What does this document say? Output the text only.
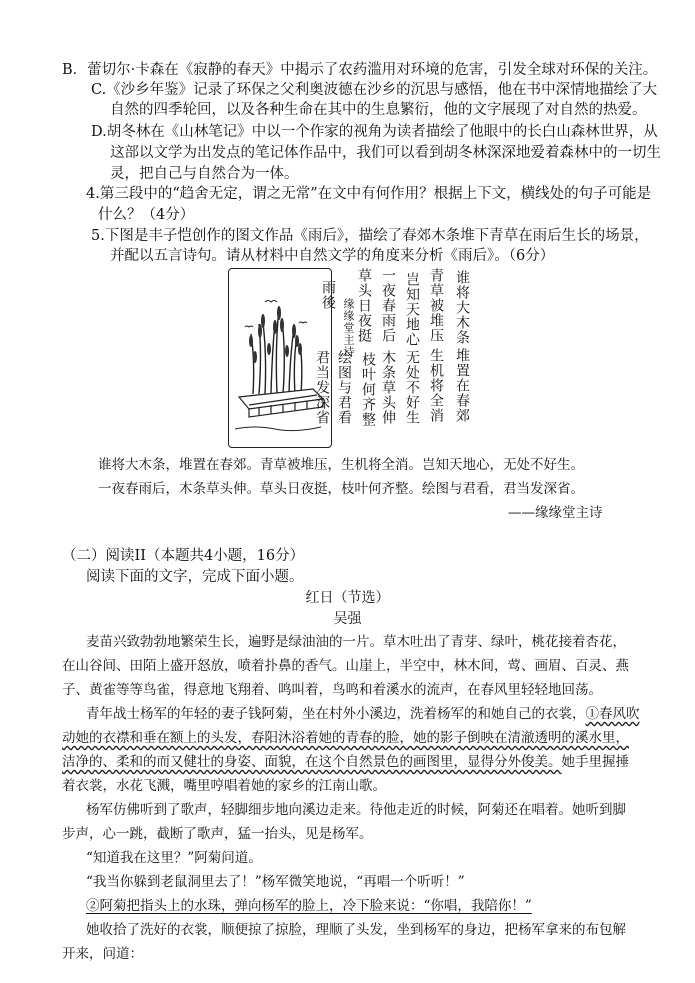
B．蕾切尔·卡森在《寂静的春天》中揭示了农药滥用对环境的危害，引发全球对环保的关注。
C.《沙乡年鉴》记录了环保之父利奥波德在沙乡的沉思与感悟，他在书中深情地描绘了大
自然的四季轮回，以及各种生命在其中的生息繁衍，他的文字展现了对自然的热爱。
D.胡冬林在《山林笔记》中以一个作家的视角为读者描绘了他眼中的长白山森林世界，从
这部以文学为出发点的笔记体作品中，我们可以看到胡冬林深深地爱着森林中的一切生
灵，把自己与自然合为一体。
4.第三段中的“趋舍无定，谓之无常”在文中有何作用？根据上下文，横线处的句子可能是
什么？（4分）
5.下图是丰子恺创作的图文作品《雨后》，描绘了春郊木条堆下青草在雨后生长的场景，
并配以五言诗句。请从材料中自然文学的角度来分析《雨后》。（6分）
雨後
缘缘堂主诗	谁将大木条
堆置在春郊
青草被堆压
生机将全消
岂知天地心
无处不好生
一夜春雨后
木条草头伸
草头日夜挺
枝叶何齐整
绘图与君看
君当发深省
谁将大木条，堆置在春郊。青草被堆压，生机将全消。岂知天地心，无处不好生。
一夜春雨后，木条草头伸。草头日夜挺，枝叶何齐整。绘图与君看，君当发深省。
——缘缘堂主诗
（二）阅读II（本题共4小题，16分）
阅读下面的文字，完成下面小题。
红日（节选）
吴强
麦苗兴致勃勃地繁荣生长，遍野是绿油油的一片。草木吐出了青芽、绿叶，桃花接着杏花，
在山谷间、田陌上盛开怒放，喷着扑鼻的香气。山崖上，半空中，林木间，莺、画眉、百灵、燕
子、黄雀等等鸟雀，得意地飞翔着、鸣叫着，鸟鸣和着溪水的流声，在春风里轻轻地回荡。
青年战士杨军的年轻的妻子钱阿菊，坐在村外小溪边，洗着杨军的和她自己的衣裳，①春风吹
动她的衣襟和垂在额上的头发，春阳沐浴着她的青春的脸，她的影子倒映在清澈透明的溪水里，
洁净的、柔和的而又健壮的身姿、面貌，在这个自然景色的画图里，显得分外俊美。她手里握捶
着衣裳，水花飞溅，嘴里哼唱着她的家乡的江南山歌。
杨军仿佛听到了歌声，轻脚细步地向溪边走来。待他走近的时候，阿菊还在唱着。她听到脚
步声，心一跳，截断了歌声，猛一抬头，见是杨军。
“知道我在这里？”阿菊问道。
“我当你躲到老鼠洞里去了！”杨军微笑地说，“再唱一个听听！”
②阿菊把指头上的水珠，弹向杨军的脸上，冷下脸来说：“你唱，我陪你！”
她收拾了洗好的衣裳，顺便掠了掠脸，理顺了头发，坐到杨军的身边，把杨军拿来的布包解
开来，问道：
